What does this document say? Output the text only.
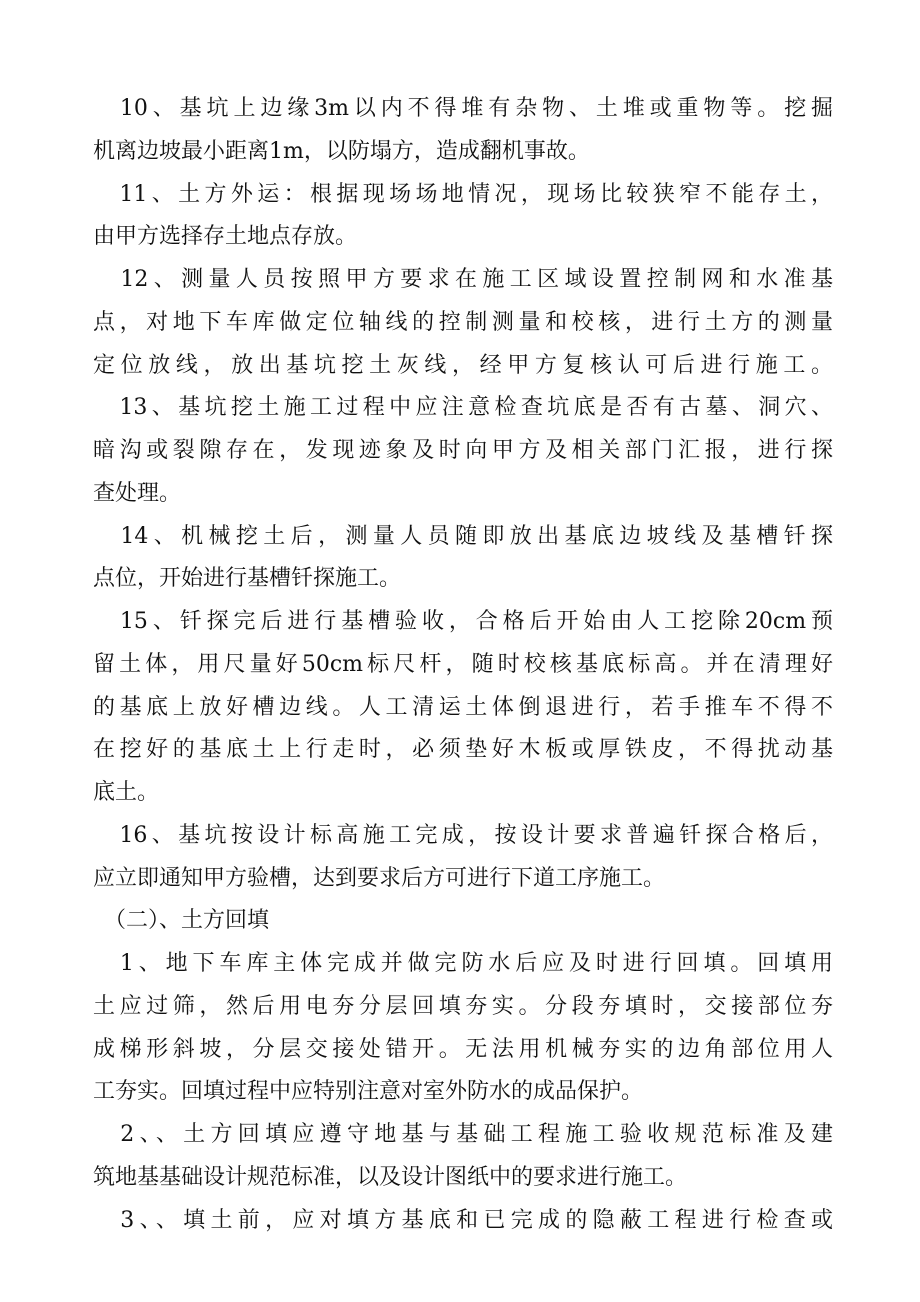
　10、基坑上边缘3m以内不得堆有杂物、土堆或重物等。挖掘
机离边坡最小距离1m，以防塌方，造成翻机事故。
　11、土方外运：根据现场场地情况，现场比较狭窄不能存土，
由甲方选择存土地点存放。
　12、测量人员按照甲方要求在施工区域设置控制网和水准基
点，对地下车库做定位轴线的控制测量和校核，进行土方的测量
定位放线，放出基坑挖土灰线，经甲方复核认可后进行施工。
　13、基坑挖土施工过程中应注意检查坑底是否有古墓、洞穴、
暗沟或裂隙存在，发现迹象及时向甲方及相关部门汇报，进行探
查处理。
　14、机械挖土后，测量人员随即放出基底边坡线及基槽钎探
点位，开始进行基槽钎探施工。
　15、钎探完后进行基槽验收，合格后开始由人工挖除20cm预
留土体，用尺量好50cm标尺杆，随时校核基底标高。并在清理好
的基底上放好槽边线。人工清运土体倒退进行，若手推车不得不
在挖好的基底土上行走时，必须垫好木板或厚铁皮，不得扰动基
底土。
　16、基坑按设计标高施工完成，按设计要求普遍钎探合格后，
应立即通知甲方验槽，达到要求后方可进行下道工序施工。
　（二）、土方回填
　1、地下车库主体完成并做完防水后应及时进行回填。回填用
土应过筛，然后用电夯分层回填夯实。分段夯填时，交接部位夯
成梯形斜坡，分层交接处错开。无法用机械夯实的边角部位用人
工夯实。回填过程中应特别注意对室外防水的成品保护。
　2、、土方回填应遵守地基与基础工程施工验收规范标准及建
筑地基基础设计规范标准，以及设计图纸中的要求进行施工。
　3、、填土前，应对填方基底和已完成的隐蔽工程进行检查或
